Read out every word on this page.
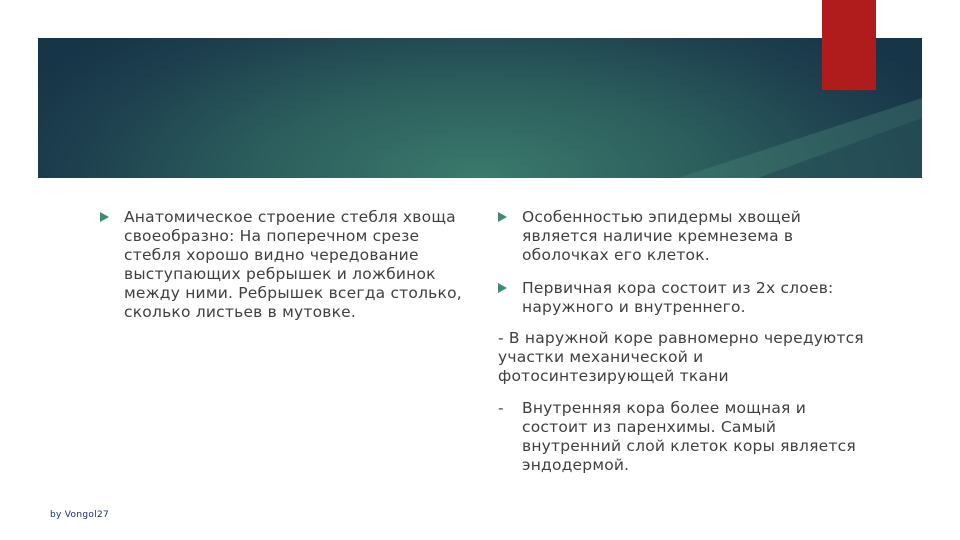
Анатомическое строение стебля хвоща своеобразно: На поперечном срезе стебля хорошо видно чередование выступающих ребрышек и ложбинок между ними. Ребрышек всегда столько, сколько листьев в мутовке.
Особенностью эпидермы хвощей является наличие кремнезема в оболочках его клеток.
Первичная кора состоит из 2х слоев: наружного и внутреннего.

- В наружной коре равномерно чередуются участки механической и фотосинтезирующей ткани

- Внутренняя кора более мощная и состоит из паренхимы. Самый внутренний слой клеток коры является эндодермой.
by Vongol27
